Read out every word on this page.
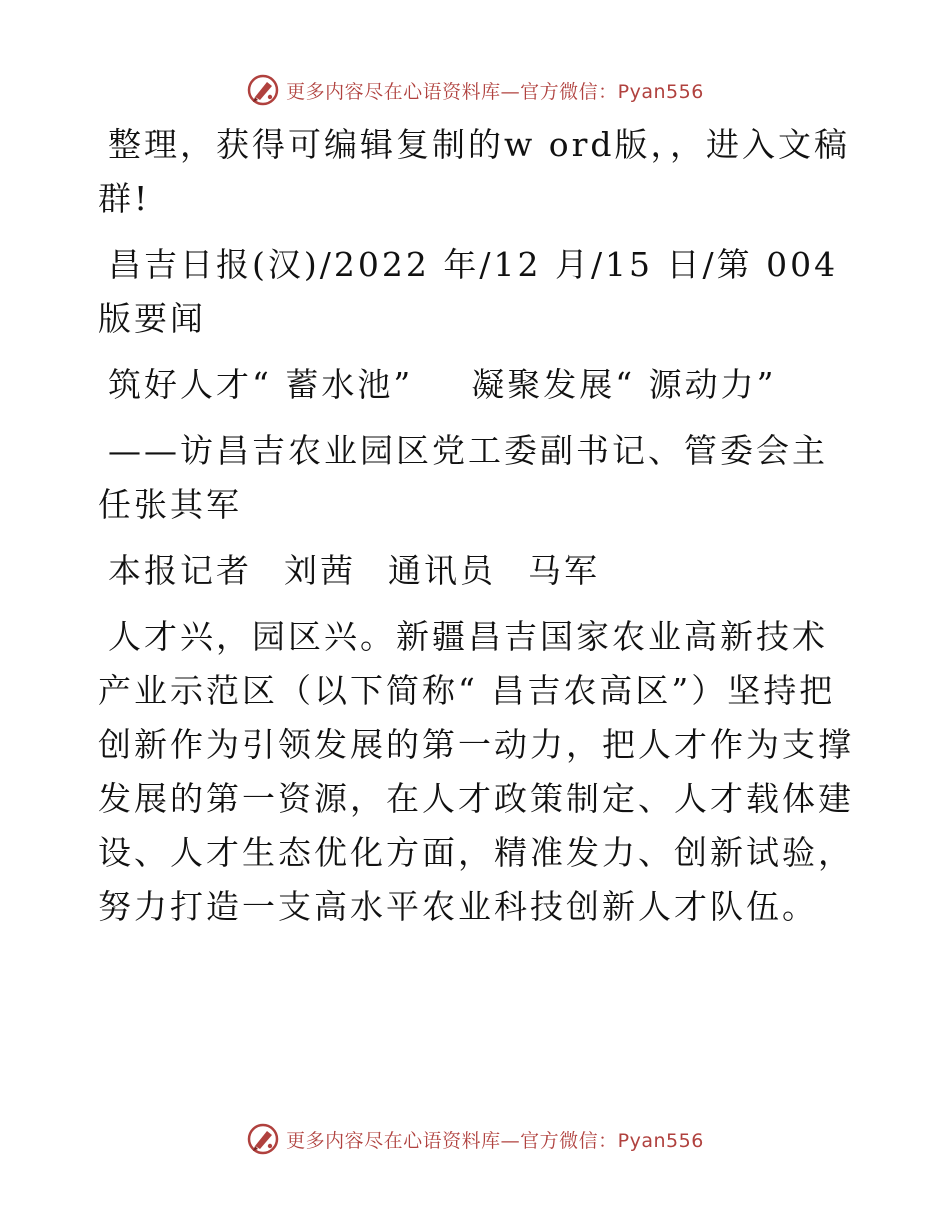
更多内容尽在心语资料库—官方微信：Pyan556

整理，获得可编辑复制的w ord版，，进入文稿群!

昌吉日报(汉)/2022 年/12 月/15 日/第 004 版要闻

筑好人才“ 蓄水池” 凝聚发展“ 源动力”

——访昌吉农业园区党工委副书记、管委会主任张其军

本报记者 刘茜 通讯员 马军

人才兴，园区兴。新疆昌吉国家农业高新技术产业示范区（以下简称“ 昌吉农高区”）坚持把创新作为引领发展的第一动力，把人才作为支撑发展的第一资源，在人才政策制定、人才载体建设、人才生态优化方面，精准发力、创新试验，努力打造一支高水平农业科技创新人才队伍。

更多内容尽在心语资料库—官方微信：Pyan556
